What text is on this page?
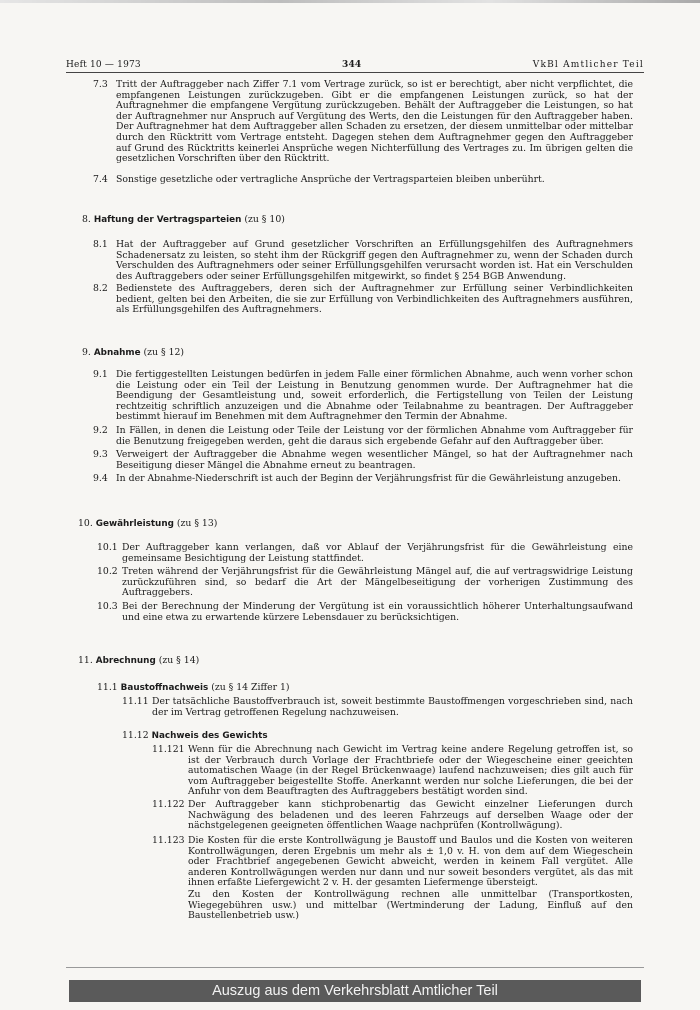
Heft 10 — 1973	344	VkBl Amtlicher Teil
7.3 Tritt der Auftraggeber nach Ziffer 7.1 vom Vertrage zurück, so ist er berechtigt, aber nicht verpflichtet, die empfangenen Leistungen zurückzugeben. Gibt er die empfangenen Leistungen zurück, so hat der Auftragnehmer die empfangene Vergütung zurückzugeben. Behält der Auftraggeber die Leistungen, so hat der Auftragnehmer nur Anspruch auf Vergütung des Werts, den die Leistungen für den Auftraggeber haben. Der Auftragnehmer hat dem Auftraggeber allen Schaden zu ersetzen, der diesem unmittelbar oder mittelbar durch den Rücktritt vom Vertrage entsteht. Dagegen stehen dem Auftragnehmer gegen den Auftraggeber auf Grund des Rücktritts keinerlei Ansprüche wegen Nichterfüllung des Vertrages zu. Im übrigen gelten die gesetzlichen Vorschriften über den Rücktritt.

7.4 Sonstige gesetzliche oder vertragliche Ansprüche der Vertragsparteien bleiben unberührt.

8. Haftung der Vertragsparteien (zu § 10)
8.1 Hat der Auftraggeber auf Grund gesetzlicher Vorschriften an Erfüllungsgehilfen des Auftragnehmers Schadenersatz zu leisten, so steht ihm der Rückgriff gegen den Auftragnehmer zu, wenn der Schaden durch Verschulden des Auftragnehmers oder seiner Erfüllungsgehilfen verursacht worden ist. Hat ein Verschulden des Auftraggebers oder seiner Erfüllungsgehilfen mitgewirkt, so findet § 254 BGB Anwendung.

8.2 Bedienstete des Auftraggebers, deren sich der Auftragnehmer zur Erfüllung seiner Verbindlichkeiten bedient, gelten bei den Arbeiten, die sie zur Erfüllung von Verbindlichkeiten des Auftragnehmers ausführen, als Erfüllungsgehilfen des Auftragnehmers.

9. Abnahme (zu § 12)
9.1 Die fertiggestellten Leistungen bedürfen in jedem Falle einer förmlichen Abnahme, auch wenn vorher schon die Leistung oder ein Teil der Leistung in Benutzung genommen wurde. Der Auftragnehmer hat die Beendigung der Gesamtleistung und, soweit erforderlich, die Fertigstellung von Teilen der Leistung rechtzeitig schriftlich anzuzeigen und die Abnahme oder Teilabnahme zu beantragen. Der Auftraggeber bestimmt hierauf im Benehmen mit dem Auftragnehmer den Termin der Abnahme.

9.2 In Fällen, in denen die Leistung oder Teile der Leistung vor der förmlichen Abnahme vom Auftraggeber für die Benutzung freigegeben werden, geht die daraus sich ergebende Gefahr auf den Auftraggeber über.

9.3 Verweigert der Auftraggeber die Abnahme wegen wesentlicher Mängel, so hat der Auftragnehmer nach Beseitigung dieser Mängel die Abnahme erneut zu beantragen.

9.4 In der Abnahme-Niederschrift ist auch der Beginn der Verjährungsfrist für die Gewährleistung anzugeben.

10. Gewährleistung (zu § 13)
10.1 Der Auftraggeber kann verlangen, daß vor Ablauf der Verjährungsfrist für die Gewährleistung eine gemeinsame Besichtigung der Leistung stattfindet.

10.2 Treten während der Verjährungsfrist für die Gewährleistung Mängel auf, die auf vertragswidrige Leistung zurückzuführen sind, so bedarf die Art der Mängelbeseitigung der vorherigen Zustimmung des Auftraggebers.

10.3 Bei der Berechnung der Minderung der Vergütung ist ein voraussichtlich höherer Unterhaltungsaufwand und eine etwa zu erwartende kürzere Lebensdauer zu berücksichtigen.

11. Abrechnung (zu § 14)
11.1 Baustoffnachweis (zu § 14 Ziffer 1)
11.11 Der tatsächliche Baustoffverbrauch ist, soweit bestimmte Baustoffmengen vorgeschrieben sind, nach der im Vertrag getroffenen Regelung nachzuweisen.

11.12 Nachweis des Gewichts
11.121 Wenn für die Abrechnung nach Gewicht im Vertrag keine andere Regelung getroffen ist, so ist der Verbrauch durch Vorlage der Frachtbriefe oder der Wiegescheine einer geeichten automatischen Waage (in der Regel Brückenwaage) laufend nachzuweisen; dies gilt auch für vom Auftraggeber beigestellte Stoffe. Anerkannt werden nur solche Lieferungen, die bei der Anfuhr von dem Beauftragten des Auftraggebers bestätigt worden sind.

11.122 Der Auftraggeber kann stichprobenartig das Gewicht einzelner Lieferungen durch Nachwägung des beladenen und des leeren Fahrzeugs auf derselben Waage oder der nächstgelegenen geeigneten öffentlichen Waage nachprüfen (Kontrollwägung).

11.123 Die Kosten für die erste Kontrollwägung je Baustoff und Baulos und die Kosten von weiteren Kontrollwägungen, deren Ergebnis um mehr als ± 1,0 v. H. von dem auf dem Wiegeschein oder Frachtbrief angegebenen Gewicht abweicht, werden in keinem Fall vergütet. Alle anderen Kontrollwägungen werden nur dann und nur soweit besonders vergütet, als das mit ihnen erfaßte Liefergewicht 2 v. H. der gesamten Liefermenge übersteigt.

Zu den Kosten der Kontrollwägung rechnen alle unmittelbar (Transportkosten, Wiegegebühren usw.) und mittelbar (Wertminderung der Ladung, Einfluß auf den Baustellenbetrieb usw.)

Auszug aus dem Verkehrsblatt Amtlicher Teil
